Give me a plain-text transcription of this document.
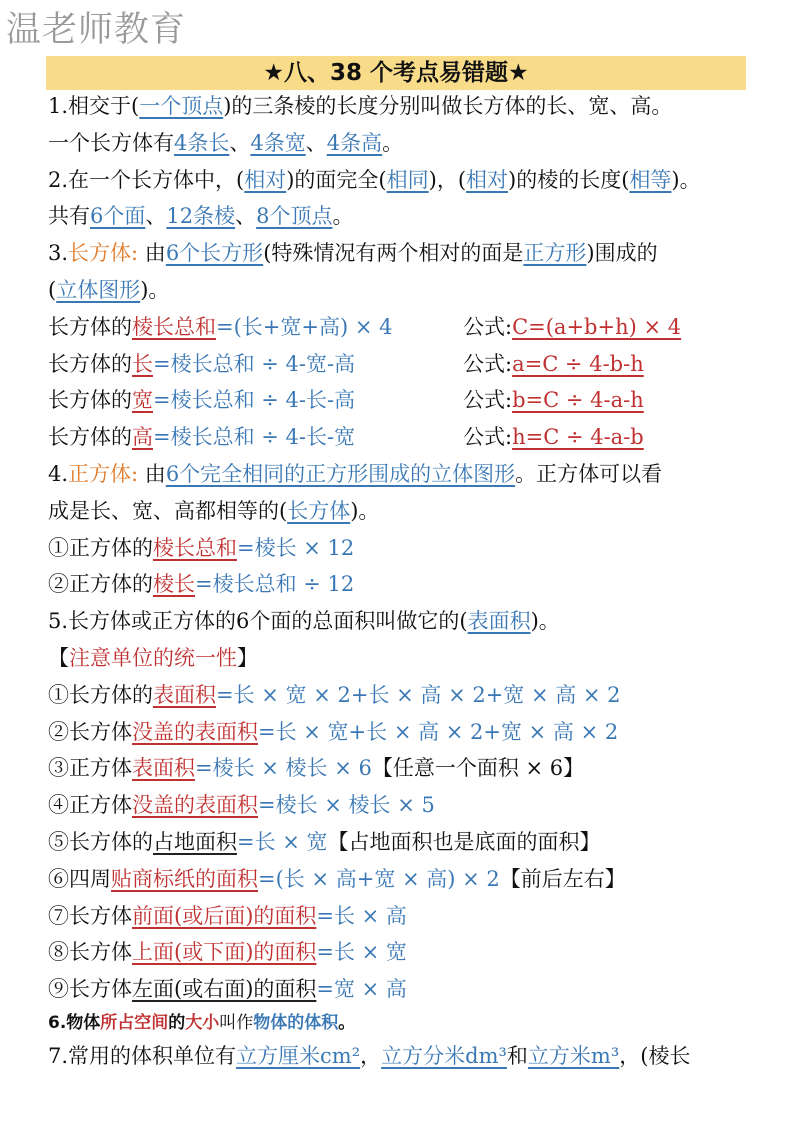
温老师教育
★八、38 个考点易错题★
1.相交于(一个顶点)的三条棱的长度分别叫做长方体的长、宽、高。
一个长方体有4条长、4条宽、4条高。
2.在一个长方体中，(相对)的面完全(相同)，(相对)的棱的长度(相等)。
共有6个面、12条棱、8个顶点。
3.长方体: 由6个长方形(特殊情况有两个相对的面是正方形)围成的
(立体图形)。
长方体的棱长总和=(长+宽+高) × 4	公式:C=(a+b+h) × 4
长方体的长=棱长总和 ÷ 4-宽-高	公式:a=C ÷ 4-b-h
长方体的宽=棱长总和 ÷ 4-长-高	公式:b=C ÷ 4-a-h
长方体的高=棱长总和 ÷ 4-长-宽	公式:h=C ÷ 4-a-b
4.正方体: 由6个完全相同的正方形围成的立体图形。正方体可以看
成是长、宽、高都相等的(长方体)。
①正方体的棱长总和=棱长 × 12
②正方体的棱长=棱长总和 ÷ 12
5.长方体或正方体的6个面的总面积叫做它的(表面积)。
【注意单位的统一性】
①长方体的表面积=长 × 宽 × 2+长 × 高 × 2+宽 × 高 × 2
②长方体没盖的表面积=长 × 宽+长 × 高 × 2+宽 × 高 × 2
③正方体表面积=棱长 × 棱长 × 6【任意一个面积 × 6】
④正方体没盖的表面积=棱长 × 棱长 × 5
⑤长方体的占地面积=长 × 宽【占地面积也是底面的面积】
⑥四周贴商标纸的面积=(长 × 高+宽 × 高) × 2【前后左右】
⑦长方体前面(或后面)的面积=长 × 高
⑧长方体上面(或下面)的面积=长 × 宽
⑨长方体左面(或右面)的面积=宽 × 高
6.物体所占空间的大小叫作物体的体积。
7.常用的体积单位有立方厘米cm²，立方分米dm³和立方米m³，(棱长
